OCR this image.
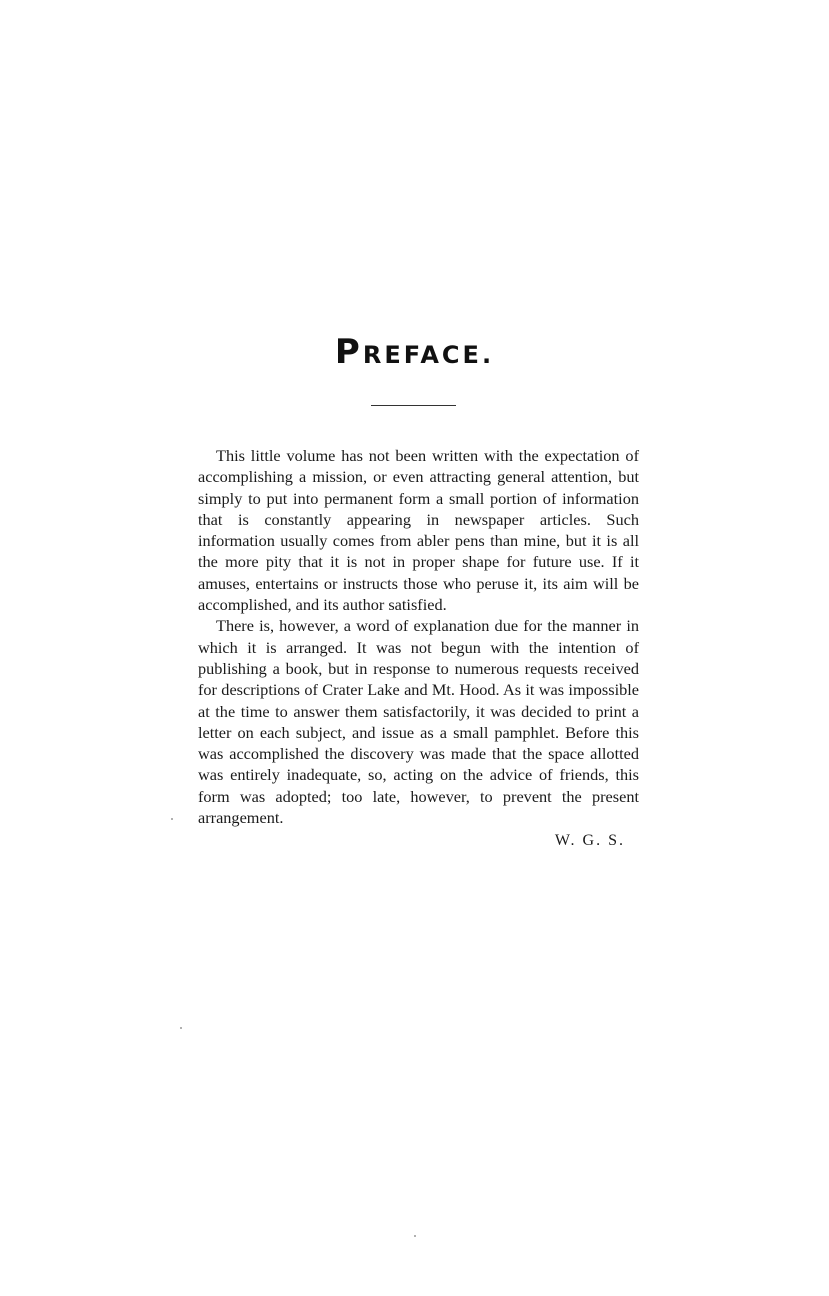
PREFACE.

This little volume has not been written with the expectation of accomplishing a mission, or even attracting general attention, but simply to put into permanent form a small portion of information that is constantly appearing in newspaper articles. Such information usually comes from abler pens than mine, but it is all the more pity that it is not in proper shape for future use. If it amuses, entertains or instructs those who peruse it, its aim will be accomplished, and its author satisfied.

There is, however, a word of explanation due for the manner in which it is arranged. It was not begun with the intention of publishing a book, but in response to numerous requests received for descriptions of Crater Lake and Mt. Hood. As it was impossible at the time to answer them satisfactorily, it was decided to print a letter on each subject, and issue as a small pamphlet. Before this was accomplished the discovery was made that the space allotted was entirely inadequate, so, acting on the advice of friends, this form was adopted; too late, however, to prevent the present arrangement.

W. G. S.
